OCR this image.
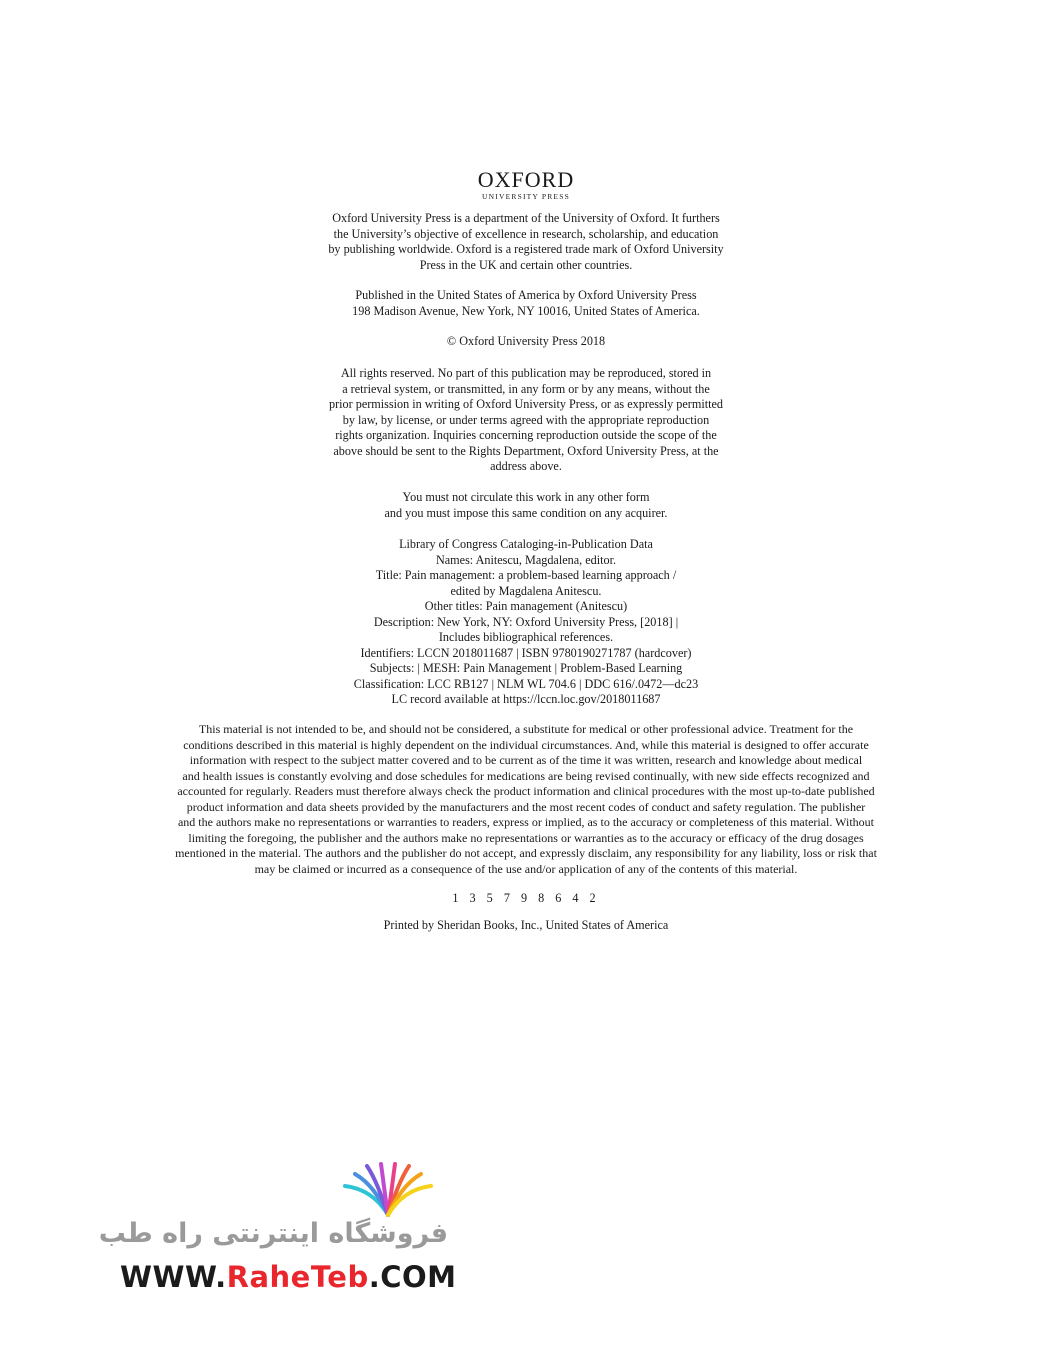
OXFORD
UNIVERSITY PRESS
Oxford University Press is a department of the University of Oxford. It furthers
the University’s objective of excellence in research, scholarship, and education
by publishing worldwide. Oxford is a registered trade mark of Oxford University
Press in the UK and certain other countries.
Published in the United States of America by Oxford University Press
198 Madison Avenue, New York, NY 10016, United States of America.
© Oxford University Press 2018
All rights reserved. No part of this publication may be reproduced, stored in
a retrieval system, or transmitted, in any form or by any means, without the
prior permission in writing of Oxford University Press, or as expressly permitted
by law, by license, or under terms agreed with the appropriate reproduction
rights organization. Inquiries concerning reproduction outside the scope of the
above should be sent to the Rights Department, Oxford University Press, at the
address above.
You must not circulate this work in any other form
and you must impose this same condition on any acquirer.
Library of Congress Cataloging-in-Publication Data
Names: Anitescu, Magdalena, editor.
Title: Pain management: a problem-based learning approach /
edited by Magdalena Anitescu.
Other titles: Pain management (Anitescu)
Description: New York, NY: Oxford University Press, [2018] |
Includes bibliographical references.
Identifiers: LCCN 2018011687 | ISBN 9780190271787 (hardcover)
Subjects: | MESH: Pain Management | Problem-Based Learning
Classification: LCC RB127 | NLM WL 704.6 | DDC 616/.0472—dc23
LC record available at https://lccn.loc.gov/2018011687
This material is not intended to be, and should not be considered, a substitute for medical or other professional advice. Treatment for the
conditions described in this material is highly dependent on the individual circumstances. And, while this material is designed to offer accurate
information with respect to the subject matter covered and to be current as of the time it was written, research and knowledge about medical
and health issues is constantly evolving and dose schedules for medications are being revised continually, with new side effects recognized and
accounted for regularly. Readers must therefore always check the product information and clinical procedures with the most up-to-date published
product information and data sheets provided by the manufacturers and the most recent codes of conduct and safety regulation. The publisher
and the authors make no representations or warranties to readers, express or implied, as to the accuracy or completeness of this material. Without
limiting the foregoing, the publisher and the authors make no representations or warranties as to the accuracy or efficacy of the drug dosages
mentioned in the material. The authors and the publisher do not accept, and expressly disclaim, any responsibility for any liability, loss or risk that
may be claimed or incurred as a consequence of the use and/or application of any of the contents of this material.
1 3 5 7 9 8 6 4 2
Printed by Sheridan Books, Inc., United States of America
فروشگاه اینترنتی راه طب
WWW.RaheTeb.COM
